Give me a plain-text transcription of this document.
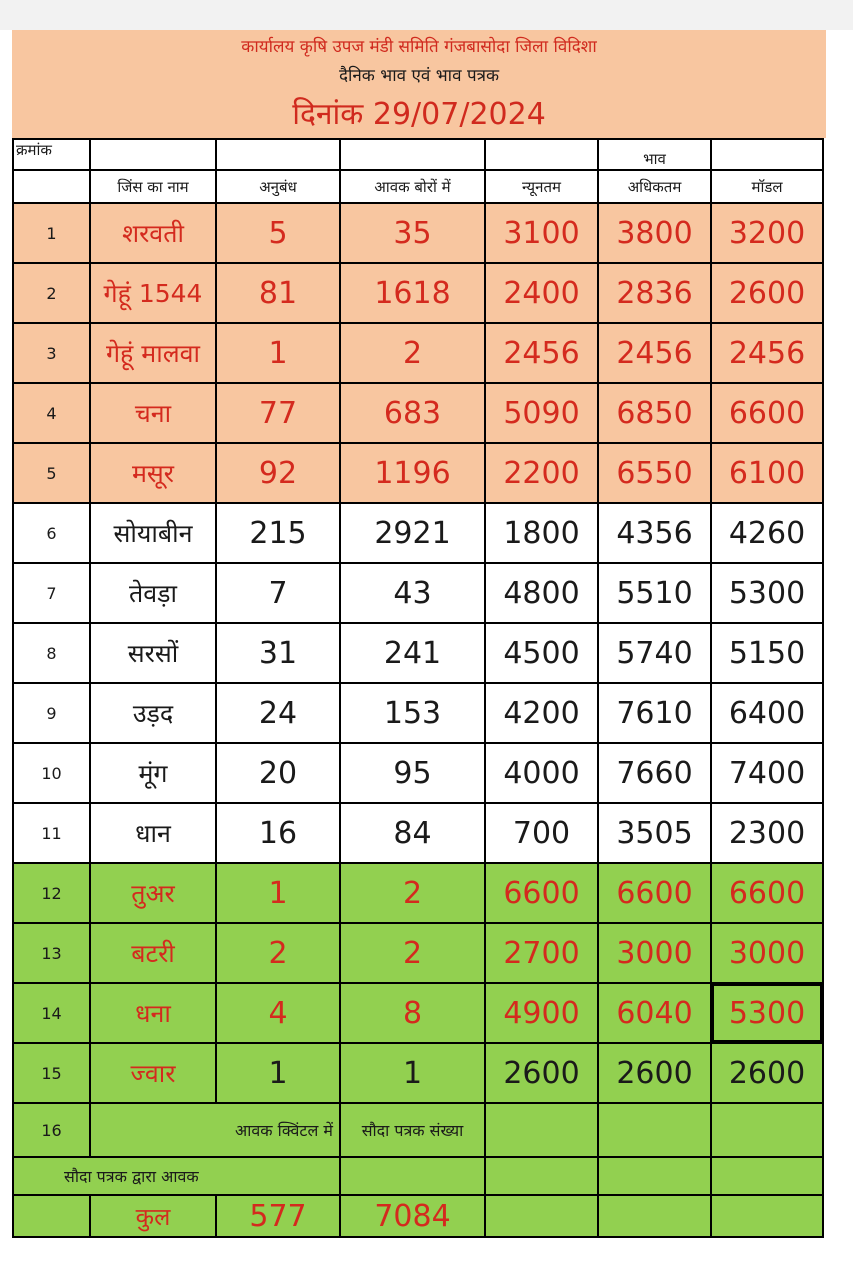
कार्यालय कृषि उपज मंडी समिति गंजबासोदा जिला विदिशा
दैनिक भाव एवं भाव पत्रक
दिनांक 29/07/2024
क्रमांक					भाव	
	जिंस का नाम	अनुबंध	आवक बोरों में	न्यूनतम	अधिकतम	मॉडल
1	शरवती	5	35	3100	3800	3200
2	गेहूं 1544	81	1618	2400	2836	2600
3	गेहूं मालवा	1	2	2456	2456	2456
4	चना	77	683	5090	6850	6600
5	मसूर	92	1196	2200	6550	6100
6	सोयाबीन	215	2921	1800	4356	4260
7	तेवड़ा	7	43	4800	5510	5300
8	सरसों	31	241	4500	5740	5150
9	उड़द	24	153	4200	7610	6400
10	मूंग	20	95	4000	7660	7400
11	धान	16	84	700	3505	2300
12	तुअर	1	2	6600	6600	6600
13	बटरी	2	2	2700	3000	3000
14	धना	4	8	4900	6040	5300
15	ज्वार	1	1	2600	2600	2600
16	आवक क्विंटल में		सौदा पत्रक संख्या			
सौदा पत्रक द्वारा आवक						
	कुल	577	7084			
